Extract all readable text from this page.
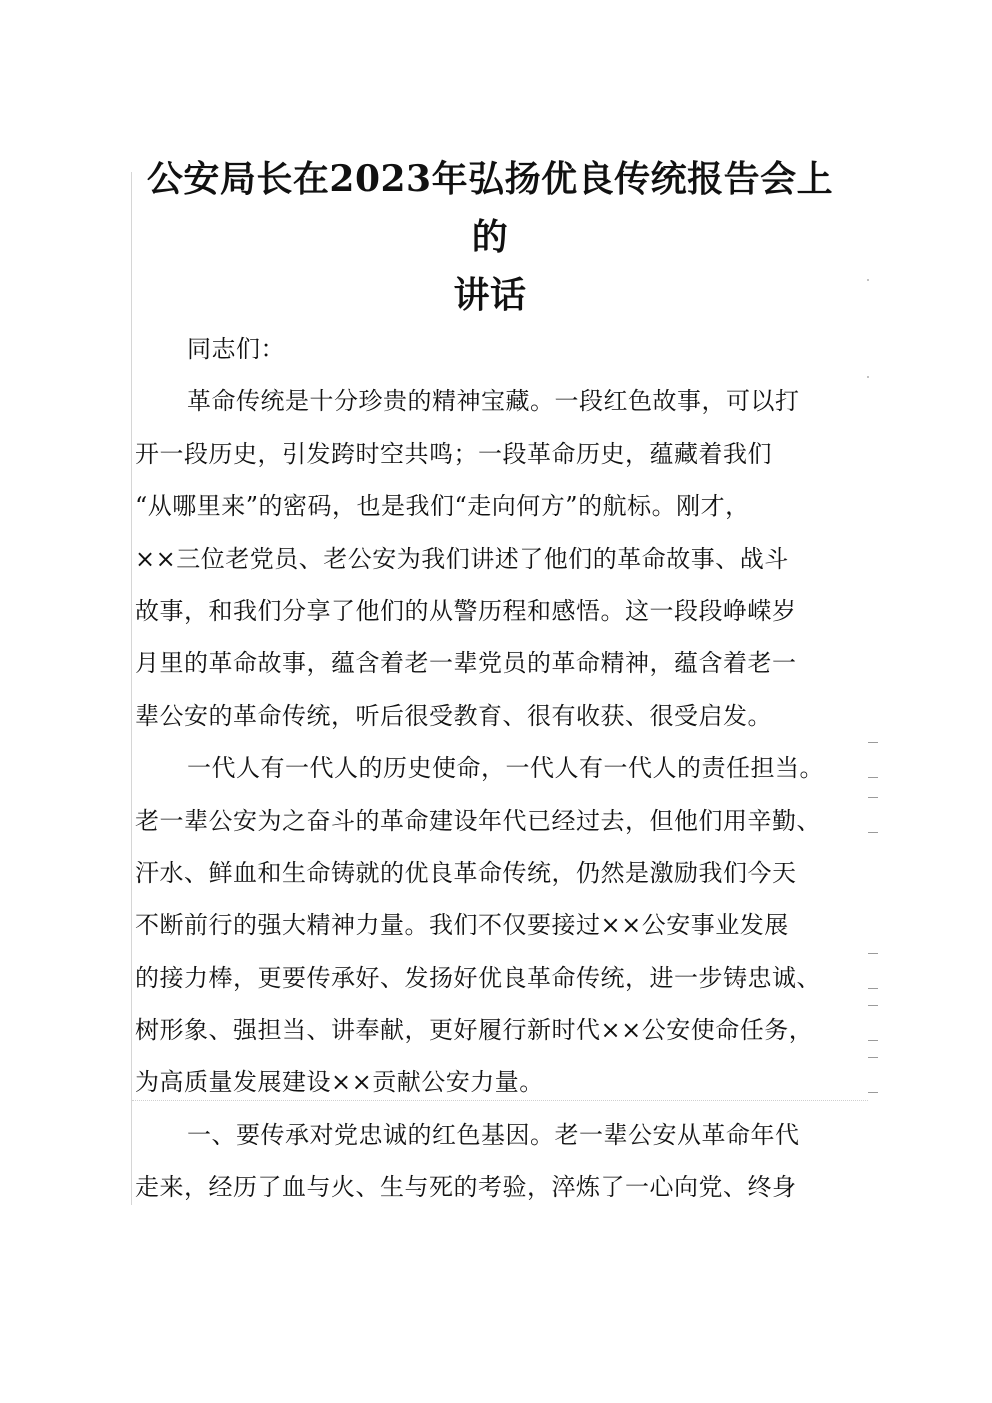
公安局长在2023年弘扬优良传统报告会上的
讲话
同志们：
革命传统是十分珍贵的精神宝藏。一段红色故事，可以打
开一段历史，引发跨时空共鸣；一段革命历史，蕴藏着我们
“从哪里来”的密码，也是我们“走向何方”的航标。刚才，
××三位老党员、老公安为我们讲述了他们的革命故事、战斗
故事，和我们分享了他们的从警历程和感悟。这一段段峥嵘岁
月里的革命故事，蕴含着老一辈党员的革命精神，蕴含着老一
辈公安的革命传统，听后很受教育、很有收获、很受启发。
一代人有一代人的历史使命，一代人有一代人的责任担当。
老一辈公安为之奋斗的革命建设年代已经过去，但他们用辛勤、
汗水、鲜血和生命铸就的优良革命传统，仍然是激励我们今天
不断前行的强大精神力量。我们不仅要接过××公安事业发展
的接力棒，更要传承好、发扬好优良革命传统，进一步铸忠诚、
树形象、强担当、讲奉献，更好履行新时代××公安使命任务，
为高质量发展建设××贡献公安力量。
一、要传承对党忠诚的红色基因。老一辈公安从革命年代
走来，经历了血与火、生与死的考验，淬炼了一心向党、终身
